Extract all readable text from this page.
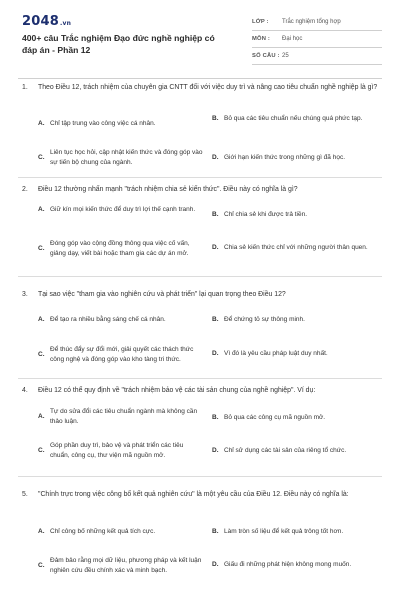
2048.vn
400+ câu Trắc nghiệm Đạo đức nghề nghiệp có đáp án - Phần 12
LỚP :	Trắc nghiệm tổng hợp
MÔN :	Đại học
SỐ CÂU : 25
1. Theo Điều 12, trách nhiệm của chuyên gia CNTT đối với việc duy trì và nâng cao tiêu chuẩn nghề nghiệp là gì?
A. Chỉ tập trung vào công việc cá nhân.
B. Bỏ qua các tiêu chuẩn nếu chúng quá phức tạp.
C.
Liên tục học hỏi, cập nhật kiến thức và đóng góp vào sự tiến bộ chung của ngành.
D. Giới hạn kiến thức trong những gì đã học.
2. Điều 12 thường nhấn mạnh "trách nhiệm chia sẻ kiến thức". Điều này có nghĩa là gì?
A. Giữ kín mọi kiến thức để duy trì lợi thế cạnh tranh.
B. Chỉ chia sẻ khi được trả tiền.
C.
Đóng góp vào cộng đồng thông qua việc cố vấn, giảng dạy, viết bài hoặc tham gia các dự án mở.
D. Chia sẻ kiến thức chỉ với những người thân quen.
3. Tại sao việc "tham gia vào nghiên cứu và phát triển" lại quan trọng theo Điều 12?
A. Để tạo ra nhiều bằng sáng chế cá nhân.	B. Để chứng tỏ sự thông minh.
C.
Để thúc đẩy sự đổi mới, giải quyết các thách thức công nghệ và đóng góp vào kho tàng tri thức.
D. Vì đó là yêu cầu pháp luật duy nhất.
4. Điều 12 có thể quy định về "trách nhiệm bảo vệ các tài sản chung của nghề nghiệp". Ví dụ:
A.
Tự do sửa đổi các tiêu chuẩn ngành mà không cần thảo luận.
B. Bỏ qua các công cụ mã nguồn mở.
C.
Góp phần duy trì, bảo vệ và phát triển các tiêu chuẩn, công cụ, thư viện mã nguồn mở.
D. Chỉ sử dụng các tài sản của riêng tổ chức.
5. "Chính trực trong việc công bố kết quả nghiên cứu" là một yêu cầu của Điều 12. Điều này có nghĩa là:
A. Chỉ công bố những kết quả tích cực.	B. Làm tròn số liệu để kết quả trông tốt hơn.
C.
Đảm bảo rằng mọi dữ liệu, phương pháp và kết luận nghiên cứu đều chính xác và minh bạch.
D. Giấu đi những phát hiện không mong muốn.
